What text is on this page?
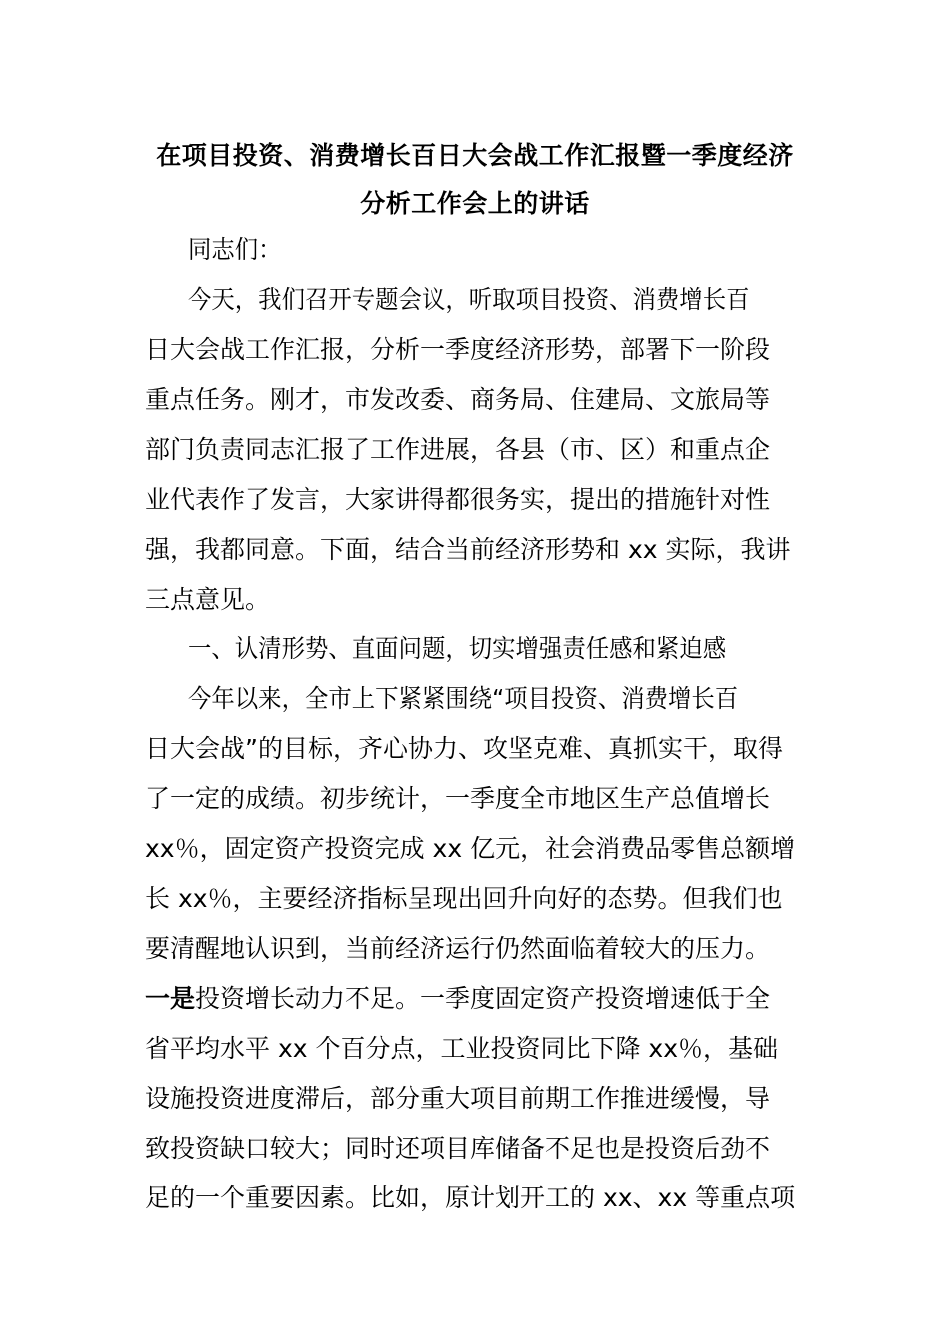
在项目投资、消费增长百日大会战工作汇报暨一季度经济
分析工作会上的讲话
同志们：
今天，我们召开专题会议，听取项目投资、消费增长百
日大会战工作汇报，分析一季度经济形势，部署下一阶段
重点任务。刚才，市发改委、商务局、住建局、文旅局等
部门负责同志汇报了工作进展，各县（市、区）和重点企
业代表作了发言，大家讲得都很务实，提出的措施针对性
强，我都同意。下面，结合当前经济形势和 xx 实际，我讲
三点意见。
一、认清形势、直面问题，切实增强责任感和紧迫感
今年以来，全市上下紧紧围绕“项目投资、消费增长百
日大会战”的目标，齐心协力、攻坚克难、真抓实干，取得
了一定的成绩。初步统计，一季度全市地区生产总值增长
xx％，固定资产投资完成 xx 亿元，社会消费品零售总额增
长 xx％，主要经济指标呈现出回升向好的态势。但我们也
要清醒地认识到，当前经济运行仍然面临着较大的压力。
一是投资增长动力不足。一季度固定资产投资增速低于全
省平均水平 xx 个百分点，工业投资同比下降 xx％，基础
设施投资进度滞后，部分重大项目前期工作推进缓慢，导
致投资缺口较大；同时还项目库储备不足也是投资后劲不
足的一个重要因素。比如，原计划开工的 xx、xx 等重点项
